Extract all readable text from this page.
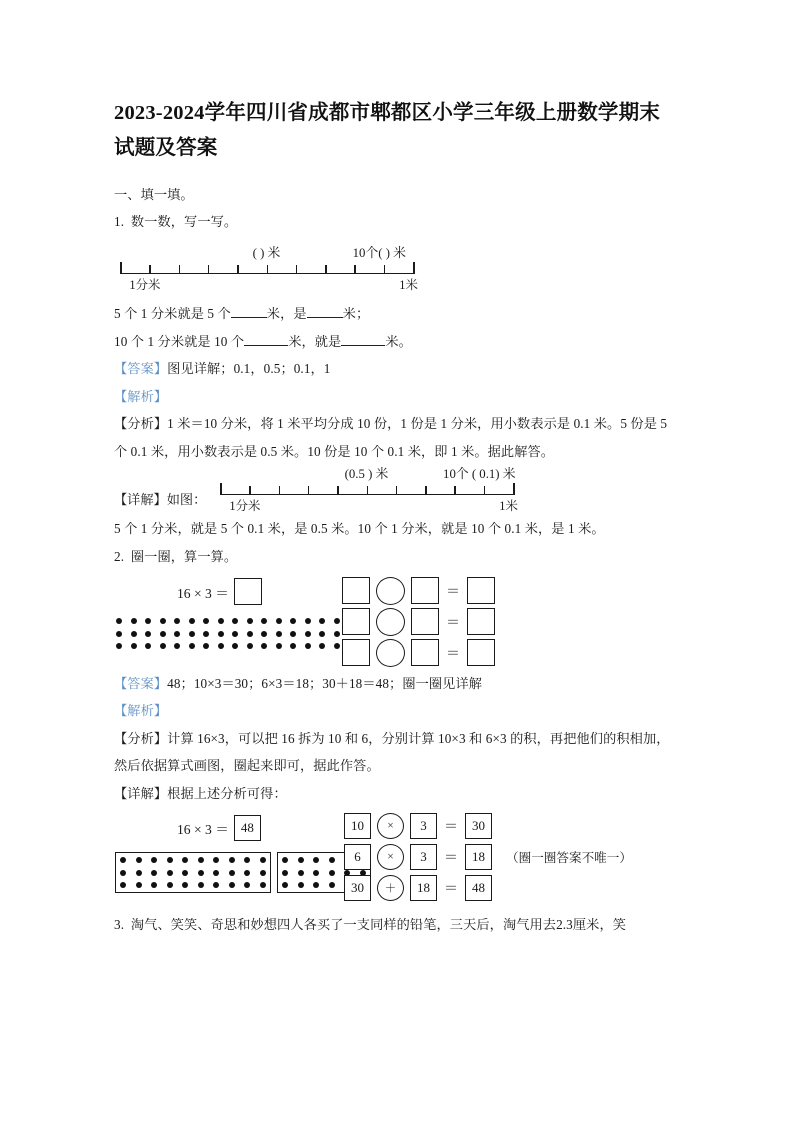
2023-2024学年四川省成都市郫都区小学三年级上册数学期末试题及答案

一、填一填。

1. 数一数，写一写。

1分米	1米
( ) 米	10个( ) 米

5 个 1 分米就是 5 个	米，是	米；

10 个 1 分米就是 10 个	米，就是	米。

【答案】图见详解；0.1，0.5；0.1，1

【解析】

【分析】1 米＝10 分米，将 1 米平均分成 10 份，1 份是 1 分米，用小数表示是 0.1 米。5 份是 5 个 0.1 米，用小数表示是 0.5 米。10 份是 10 个 0.1 米，即 1 米。据此解答。

【详解】如图： 1分米	1米
(0.5 ) 米	10个 ( 0.1) 米

5 个 1 分米，就是 5 个 0.1 米，是 0.5 米。10 个 1 分米，就是 10 个 0.1 米，是 1 米。

2. 圈一圈，算一算。

16 × 3 ＝	＝
＝
＝

【答案】48；10×3＝30；6×3＝18；30＋18＝48；圈一圈见详解

【解析】

【分析】计算 16×3，可以把 16 拆为 10 和 6，分别计算 10×3 和 6×3 的积，再把他们的积相加，然后依据算式画图，圈起来即可，据此作答。

【详解】根据上述分析可得：

16 × 3 ＝ 48	10	×	3	＝	30
6	×	3	＝	18	（圈一圈答案不唯一）
30	＋	18	＝	48

3. 淘气、笑笑、奇思和妙想四人各买了一支同样的铅笔，三天后，淘气用去2.3厘米，笑
